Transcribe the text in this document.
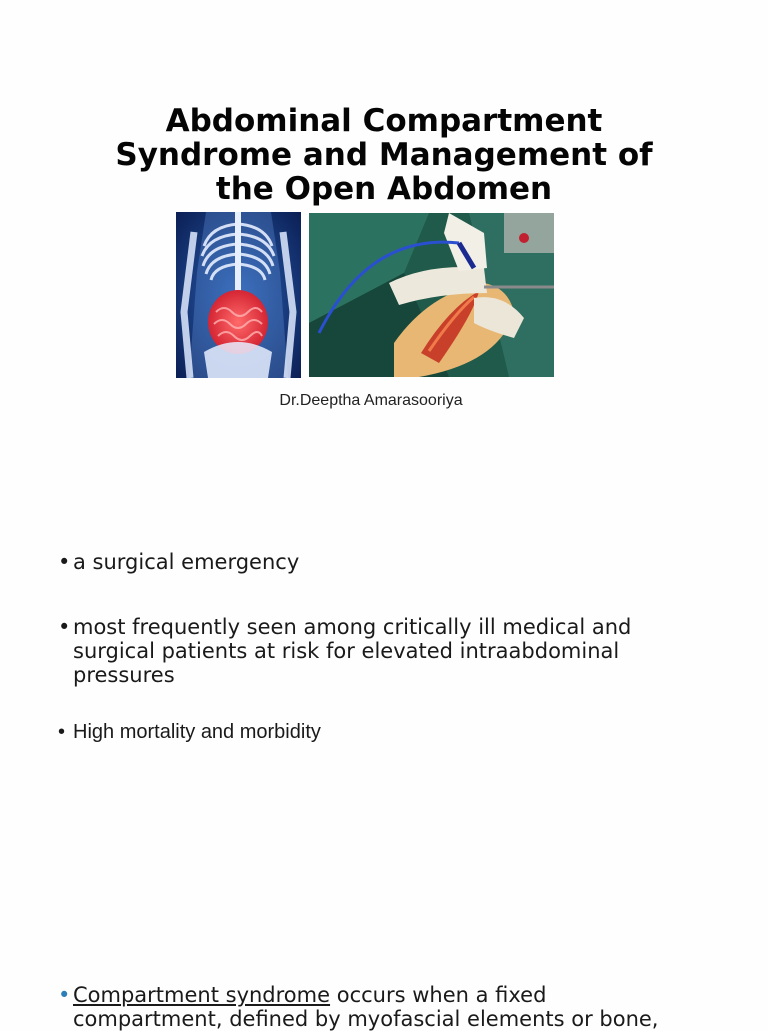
Abdominal Compartment
Syndrome and Management of
the Open Abdomen
Dr.Deeptha Amarasooriya
• a surgical emergency
• most frequently seen among critically ill medical and
surgical patients at risk for elevated intraabdominal
pressures
• High mortality and morbidity
• Compartment syndrome occurs when a fixed
compartment, defined by myofascial elements or bone,
